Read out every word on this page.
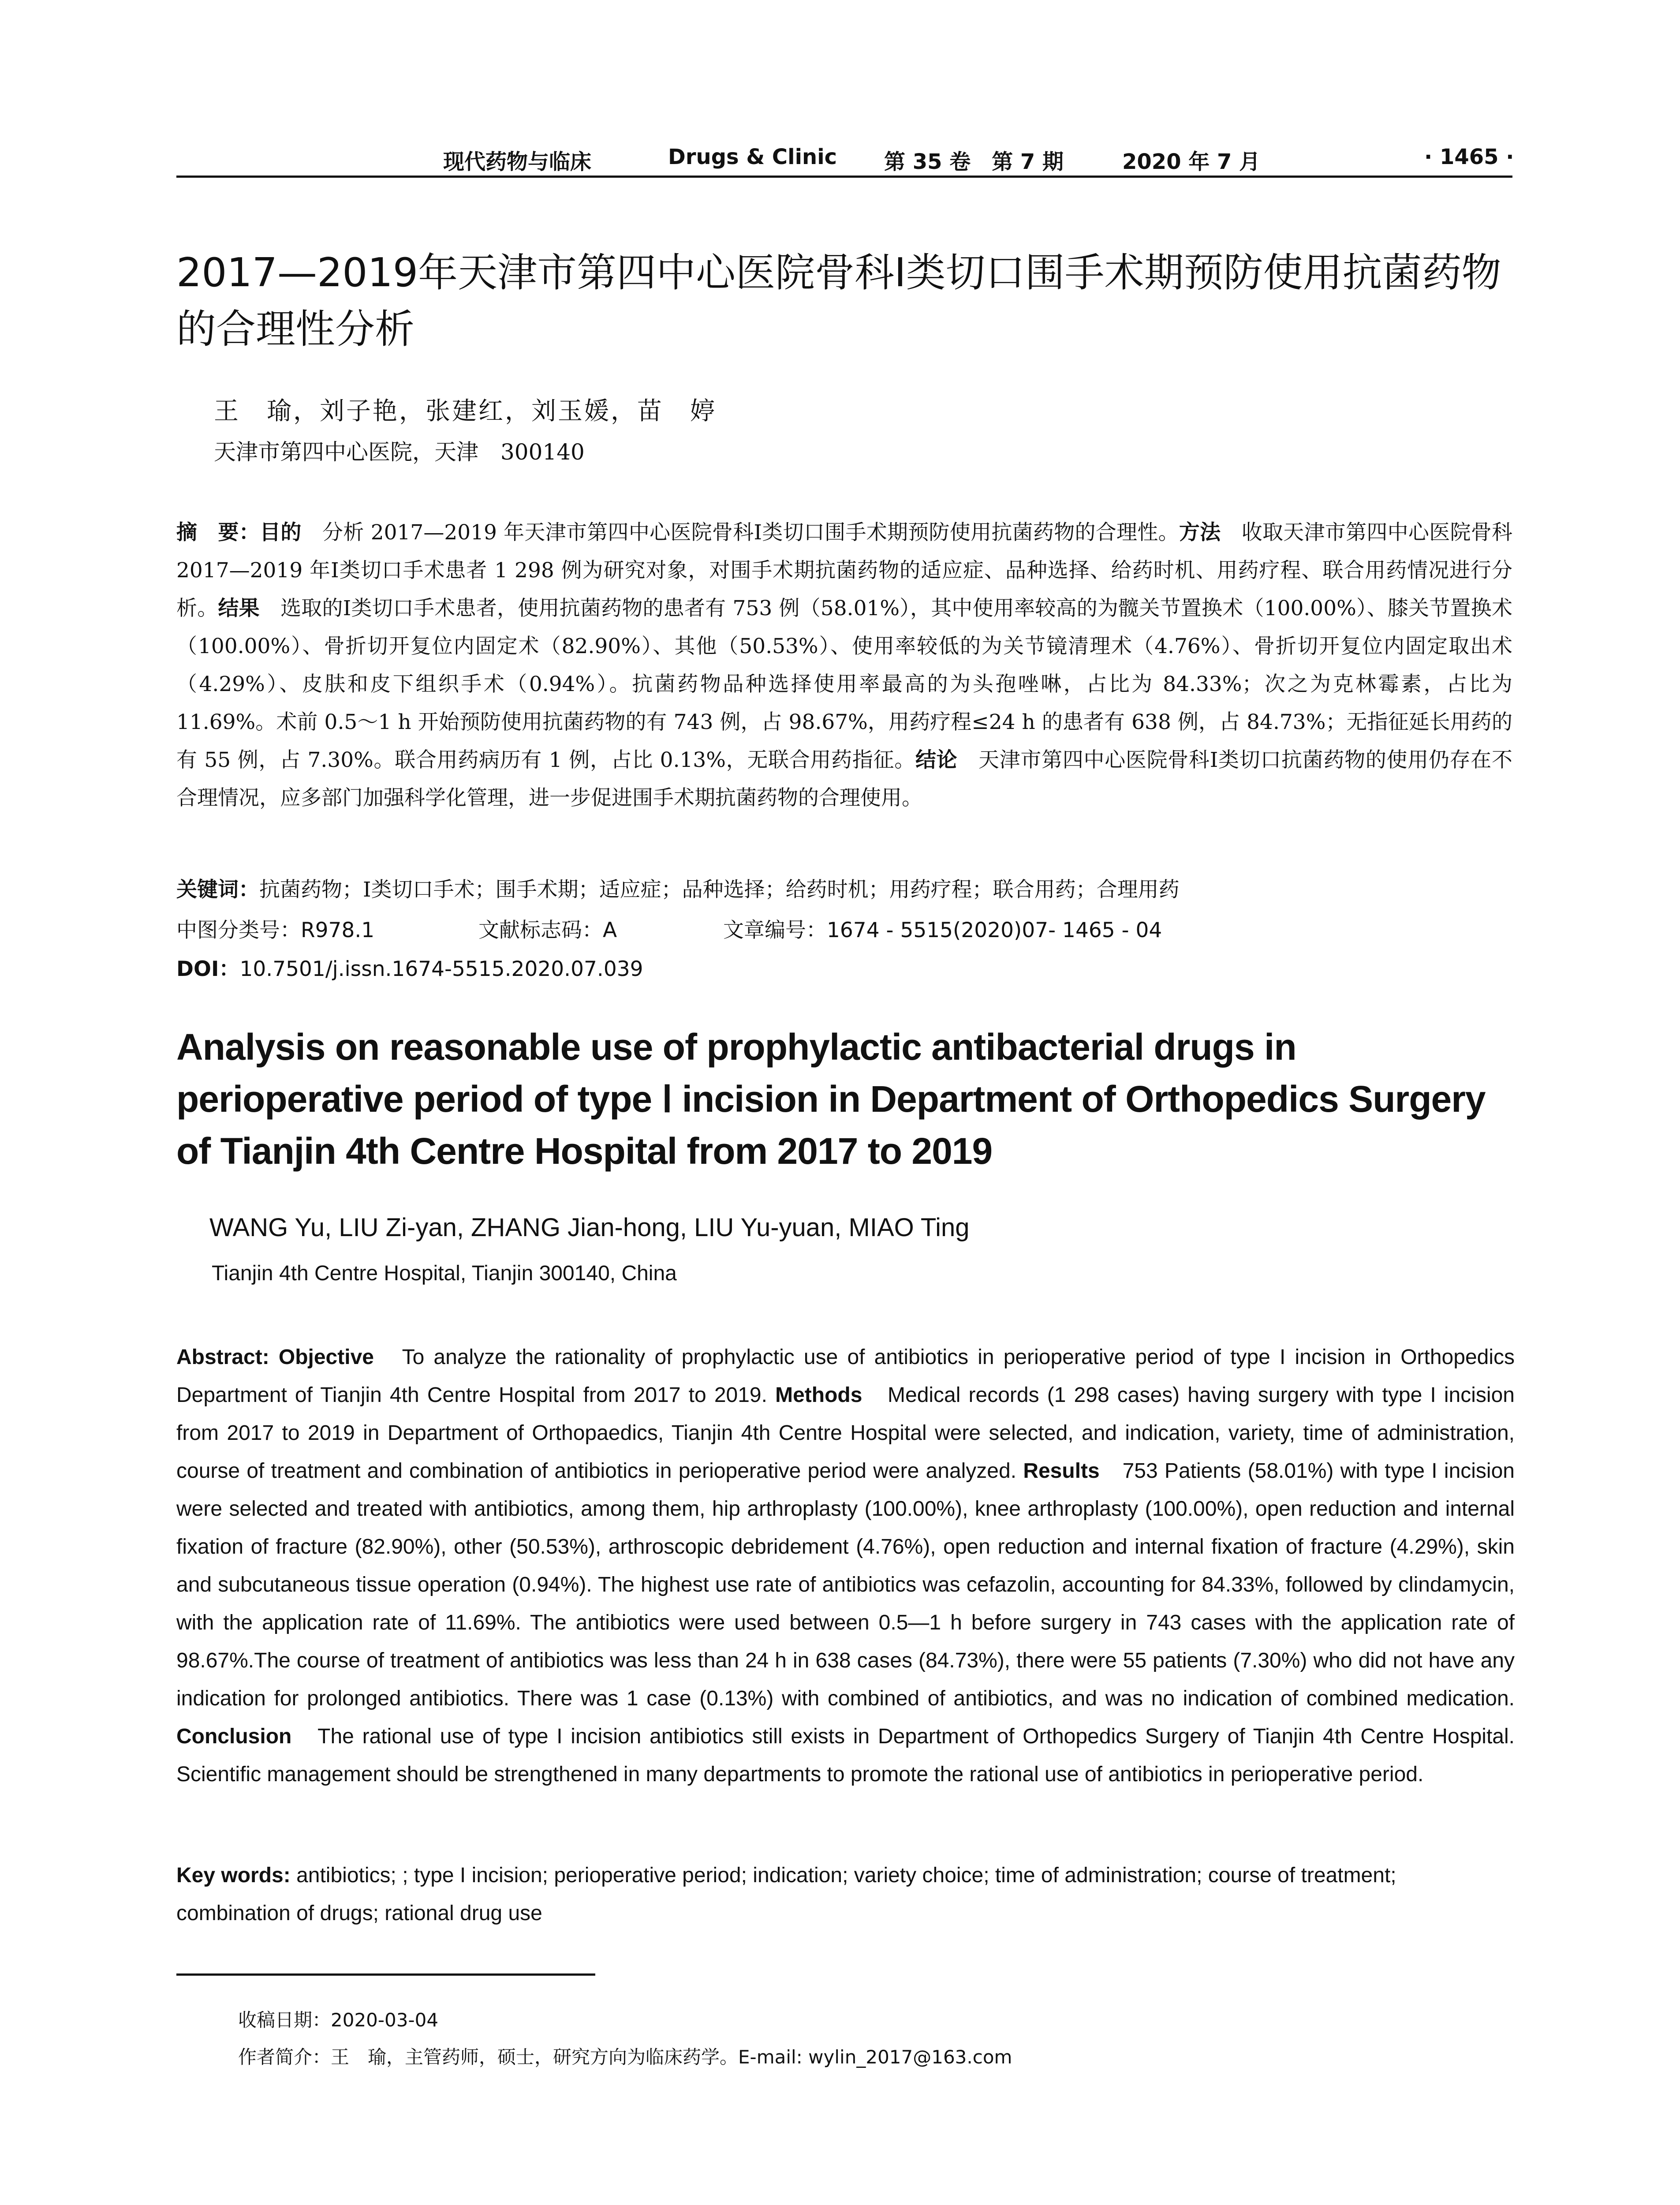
现代药物与临床	Drugs & Clinic 第 35 卷　第 7 期	2020 年 7 月	· 1465 ·
2017—2019年天津市第四中心医院骨科Ⅰ类切口围手术期预防使用抗菌药物的合理性分析
王　瑜，刘子艳，张建红，刘玉媛，苗　婷
天津市第四中心医院，天津　300140
摘　要：目的　分析 2017—2019 年天津市第四中心医院骨科Ⅰ类切口围手术期预防使用抗菌药物的合理性。方法　收取天津市第四中心医院骨科 2017—2019 年Ⅰ类切口手术患者 1 298 例为研究对象，对围手术期抗菌药物的适应症、品种选择、给药时机、用药疗程、联合用药情况进行分析。结果　选取的Ⅰ类切口手术患者，使用抗菌药物的患者有 753 例（58.01%），其中使用率较高的为髋关节置换术（100.00%）、膝关节置换术（100.00%）、骨折切开复位内固定术（82.90%）、其他（50.53%）、使用率较低的为关节镜清理术（4.76%）、骨折切开复位内固定取出术（4.29%）、皮肤和皮下组织手术（0.94%）。抗菌药物品种选择使用率最高的为头孢唑啉，占比为 84.33%；次之为克林霉素，占比为 11.69%。术前 0.5～1 h 开始预防使用抗菌药物的有 743 例，占 98.67%，用药疗程≤24 h 的患者有 638 例，占 84.73%；无指征延长用药的有 55 例，占 7.30%。联合用药病历有 1 例，占比 0.13%，无联合用药指征。结论　天津市第四中心医院骨科Ⅰ类切口抗菌药物的使用仍存在不合理情况，应多部门加强科学化管理，进一步促进围手术期抗菌药物的合理使用。
关键词：抗菌药物；Ⅰ类切口手术；围手术期；适应症；品种选择；给药时机；用药疗程；联合用药；合理用药
中图分类号：R978.1	文献标志码：A	文章编号：1674 - 5515(2020)07- 1465 - 04
DOI：10.7501/j.issn.1674-5515.2020.07.039
Analysis on reasonable use of prophylactic antibacterial drugs in perioperative period of type Ⅰ incision in Department of Orthopedics Surgery of Tianjin 4th Centre Hospital from 2017 to 2019
WANG Yu, LIU Zi-yan, ZHANG Jian-hong, LIU Yu-yuan, MIAO Ting
Tianjin 4th Centre Hospital, Tianjin 300140, China
Abstract: Objective　To analyze the rationality of prophylactic use of antibiotics in perioperative period of type I incision in Orthopedics Department of Tianjin 4th Centre Hospital from 2017 to 2019. Methods　Medical records (1 298 cases) having surgery with type I incision from 2017 to 2019 in Department of Orthopaedics, Tianjin 4th Centre Hospital were selected, and indication, variety, time of administration, course of treatment and combination of antibiotics in perioperative period were analyzed. Results　753 Patients (58.01%) with type I incision were selected and treated with antibiotics, among them, hip arthroplasty (100.00%), knee arthroplasty (100.00%), open reduction and internal fixation of fracture (82.90%), other (50.53%), arthroscopic debridement (4.76%), open reduction and internal fixation of fracture (4.29%), skin and subcutaneous tissue operation (0.94%). The highest use rate of antibiotics was cefazolin, accounting for 84.33%, followed by clindamycin, with the application rate of 11.69%. The antibiotics were used between 0.5—1 h before surgery in 743 cases with the application rate of 98.67%.The course of treatment of antibiotics was less than 24 h in 638 cases (84.73%), there were 55 patients (7.30%) who did not have any indication for prolonged antibiotics. There was 1 case (0.13%) with combined of antibiotics, and was no indication of combined medication. Conclusion　The rational use of type I incision antibiotics still exists in Department of Orthopedics Surgery of Tianjin 4th Centre Hospital. Scientific management should be strengthened in many departments to promote the rational use of antibiotics in perioperative period.
Key words: antibiotics; ; type I incision; perioperative period; indication; variety choice; time of administration; course of treatment; combination of drugs; rational drug use
收稿日期：2020-03-04
作者简介：王　瑜，主管药师，硕士，研究方向为临床药学。E-mail: wylin_2017@163.com
